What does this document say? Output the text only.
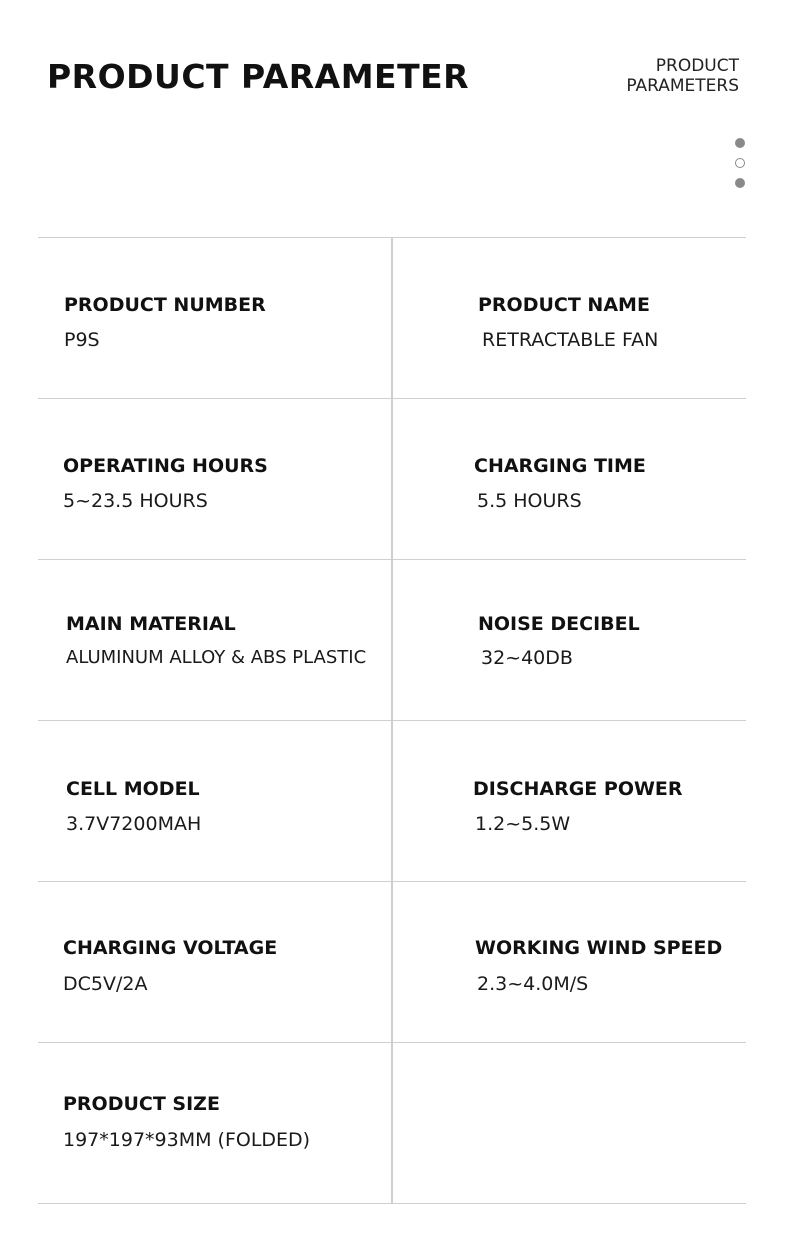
PRODUCT PARAMETER	PRODUCT
PARAMETERS
PRODUCT NUMBER
P9S
PRODUCT NAME
RETRACTABLE FAN
OPERATING HOURS
5~23.5 HOURS
CHARGING TIME
5.5 HOURS
MAIN MATERIAL
ALUMINUM ALLOY & ABS PLASTIC
NOISE DECIBEL
32~40DB
CELL MODEL
3.7V7200MAH
DISCHARGE POWER
1.2~5.5W
CHARGING VOLTAGE
DC5V/2A
WORKING WIND SPEED
2.3~4.0M/S
PRODUCT SIZE
197*197*93MM (FOLDED)
